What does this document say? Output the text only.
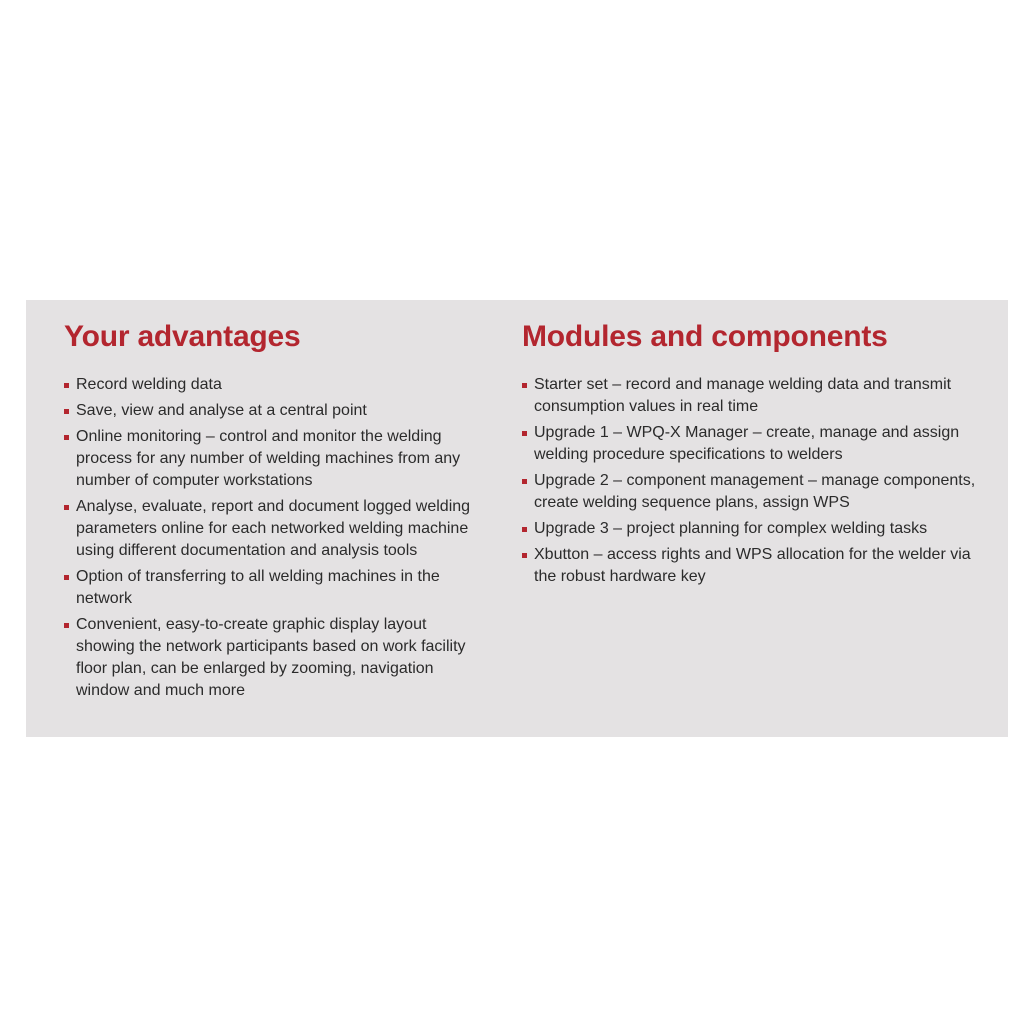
Your advantages
Record welding data
Save, view and analyse at a central point
Online monitoring – control and monitor the welding process for any number of welding machines from any number of computer workstations
Analyse, evaluate, report and document logged welding parameters online for each networked welding machine using different documentation and analysis tools
Option of transferring to all welding machines in the network
Convenient, easy-to-create graphic display layout showing the network participants based on work facility floor plan, can be enlarged by zooming, navigation window and much more
Modules and components
Starter set – record and manage welding data and transmit consumption values in real time
Upgrade 1 – WPQ-X Manager – create, manage and assign welding procedure specifications to welders
Upgrade 2 – component management – manage components, create welding sequence plans, assign WPS
Upgrade 3 – project planning for complex welding tasks
Xbutton – access rights and WPS allocation for the welder via the robust hardware key
